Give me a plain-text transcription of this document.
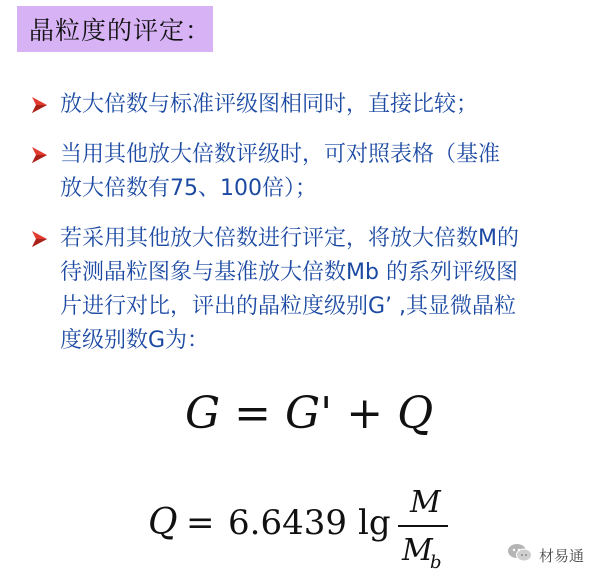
晶粒度的评定：
放大倍数与标准评级图相同时，直接比较；
当用其他放大倍数评级时，可对照表格（基准
放大倍数有75、100倍）；
若采用其他放大倍数进行评定，将放大倍数M的
待测晶粒图象与基准放大倍数Mb 的系列评级图
片进行对比，评出的晶粒度级别G’ ,其显微晶粒
度级别数G为：
G = G' + Q
Q = 6.6439 lg
M
M
b	材易通
